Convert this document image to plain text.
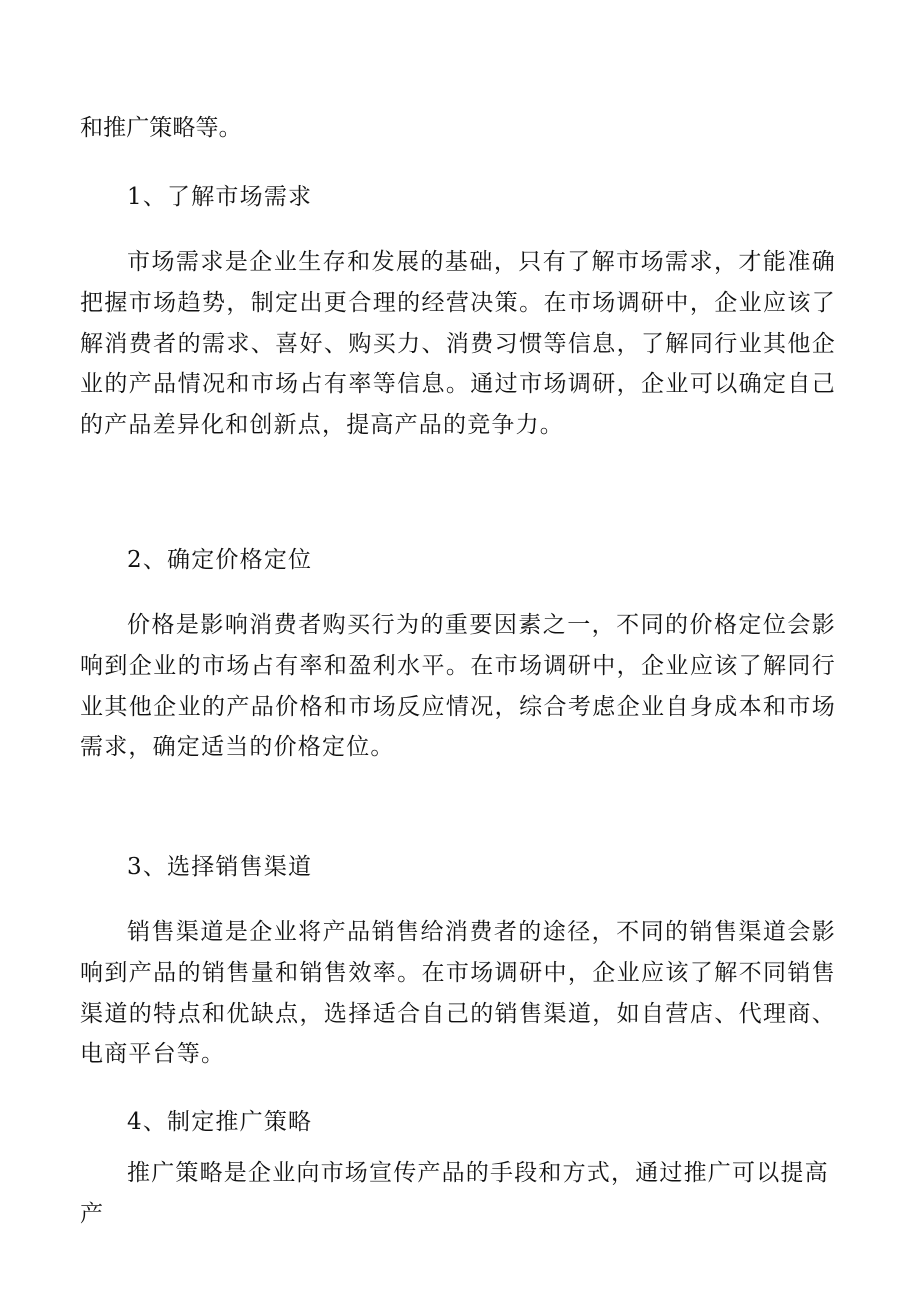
和推广策略等。
1、了解市场需求

市场需求是企业生存和发展的基础，只有了解市场需求，才能准确把握市场趋势，制定出更合理的经营决策。在市场调研中，企业应该了解消费者的需求、喜好、购买力、消费习惯等信息，了解同行业其他企业的产品情况和市场占有率等信息。通过市场调研，企业可以确定自己的产品差异化和创新点，提高产品的竞争力。

2、确定价格定位

价格是影响消费者购买行为的重要因素之一，不同的价格定位会影响到企业的市场占有率和盈利水平。在市场调研中，企业应该了解同行业其他企业的产品价格和市场反应情况，综合考虑企业自身成本和市场需求，确定适当的价格定位。

3、选择销售渠道

销售渠道是企业将产品销售给消费者的途径，不同的销售渠道会影响到产品的销售量和销售效率。在市场调研中，企业应该了解不同销售渠道的特点和优缺点，选择适合自己的销售渠道，如自营店、代理商、电商平台等。

4、制定推广策略

推广策略是企业向市场宣传产品的手段和方式，通过推广可以提高产
